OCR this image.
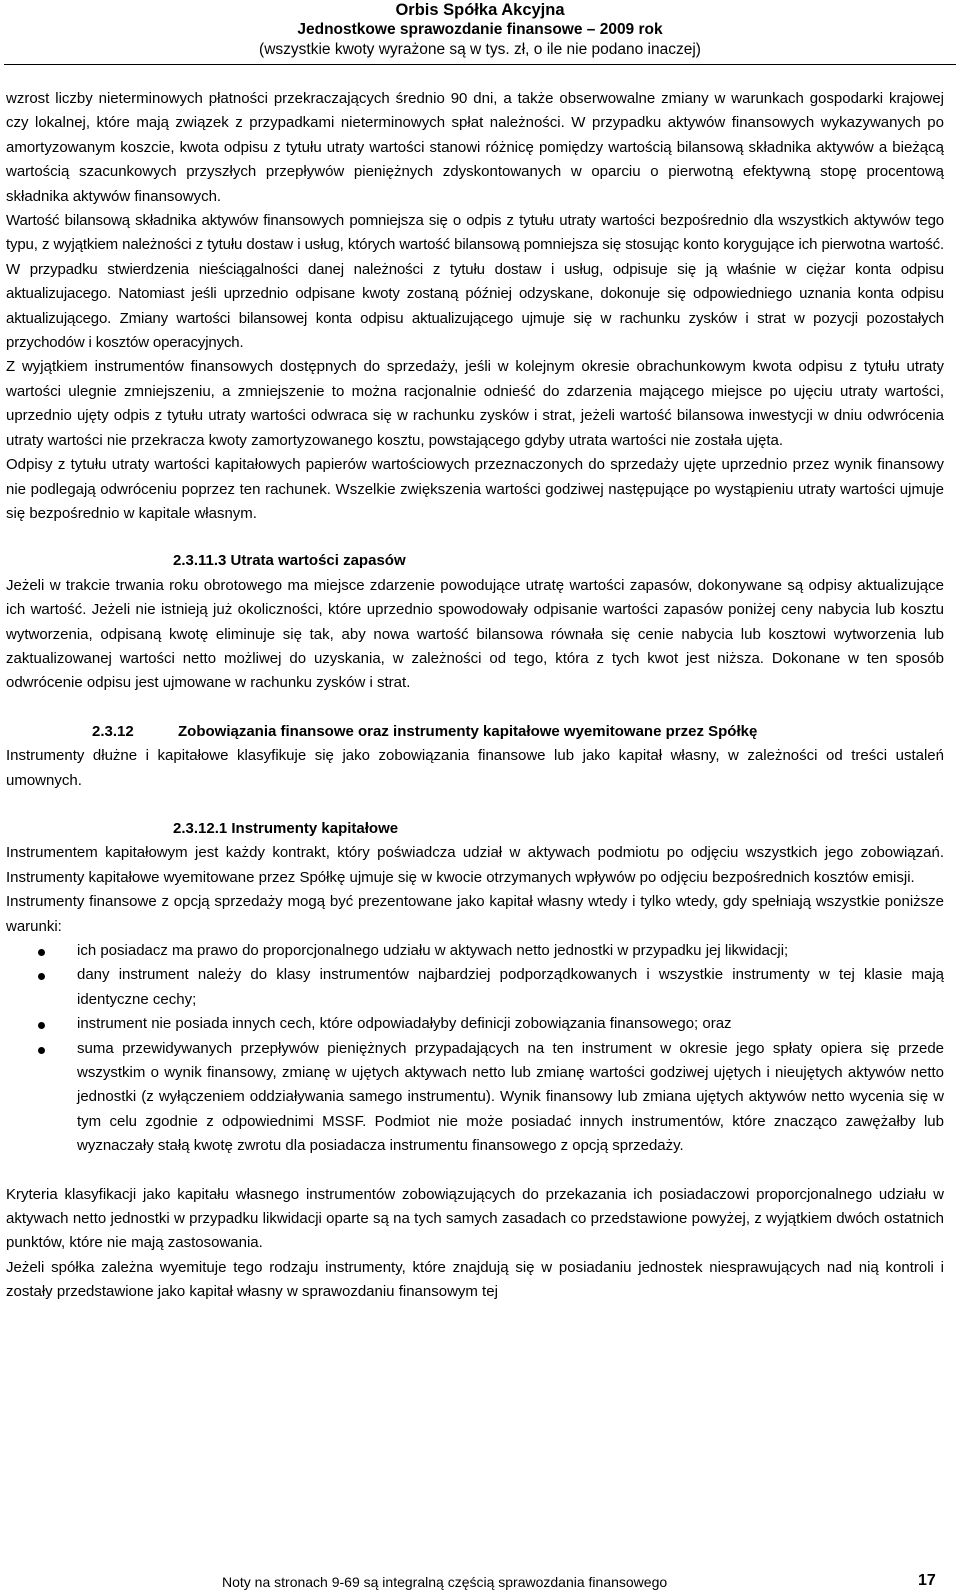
Orbis Spółka Akcyjna
Jednostkowe sprawozdanie finansowe – 2009 rok
(wszystkie kwoty wyrażone są w tys. zł, o ile nie podano inaczej)

wzrost liczby nieterminowych płatności przekraczających średnio 90 dni, a także obserwowalne zmiany w warunkach gospodarki krajowej czy lokalnej, które mają związek z przypadkami nieterminowych spłat należności. W przypadku aktywów finansowych wykazywanych po amortyzowanym koszcie, kwota odpisu z tytułu utraty wartości stanowi różnicę pomiędzy wartością bilansową składnika aktywów a bieżącą wartością szacunkowych przyszłych przepływów pieniężnych zdyskontowanych w oparciu o pierwotną efektywną stopę procentową składnika aktywów finansowych.

Wartość bilansową składnika aktywów finansowych pomniejsza się o odpis z tytułu utraty wartości bezpośrednio dla wszystkich aktywów tego typu, z wyjątkiem należności z tytułu dostaw i usług, których wartość bilansową pomniejsza się stosując konto korygujące ich pierwotna wartość. W przypadku stwierdzenia nieściągalności danej należności z tytułu dostaw i usług, odpisuje się ją właśnie w ciężar konta odpisu aktualizujacego. Natomiast jeśli uprzednio odpisane kwoty zostaną później odzyskane, dokonuje się odpowiedniego uznania konta odpisu aktualizującego. Zmiany wartości bilansowej konta odpisu aktualizującego ujmuje się w rachunku zysków i strat w pozycji pozostałych przychodów i kosztów operacyjnych.

Z wyjątkiem instrumentów finansowych dostępnych do sprzedaży, jeśli w kolejnym okresie obrachunkowym kwota odpisu z tytułu utraty wartości ulegnie zmniejszeniu, a zmniejszenie to można racjonalnie odnieść do zdarzenia mającego miejsce po ujęciu utraty wartości, uprzednio ujęty odpis z tytułu utraty wartości odwraca się w rachunku zysków i strat, jeżeli wartość bilansowa inwestycji w dniu odwrócenia utraty wartości nie przekracza kwoty zamortyzowanego kosztu, powstającego gdyby utrata wartości nie została ujęta.

Odpisy z tytułu utraty wartości kapitałowych papierów wartościowych przeznaczonych do sprzedaży ujęte uprzednio przez wynik finansowy nie podlegają odwróceniu poprzez ten rachunek. Wszelkie zwiększenia wartości godziwej następujące po wystąpieniu utraty wartości ujmuje się bezpośrednio w kapitale własnym.

2.3.11.3 Utrata wartości zapasów

Jeżeli w trakcie trwania roku obrotowego ma miejsce zdarzenie powodujące utratę wartości zapasów, dokonywane są odpisy aktualizujące ich wartość. Jeżeli nie istnieją już okoliczności, które uprzednio spowodowały odpisanie wartości zapasów poniżej ceny nabycia lub kosztu wytworzenia, odpisaną kwotę eliminuje się tak, aby nowa wartość bilansowa równała się cenie nabycia lub kosztowi wytworzenia lub zaktualizowanej wartości netto możliwej do uzyskania, w zależności od tego, która z tych kwot jest niższa. Dokonane w ten sposób odwrócenie odpisu jest ujmowane w rachunku zysków i strat.

2.3.12	Zobowiązania finansowe oraz instrumenty kapitałowe wyemitowane przez Spółkę

Instrumenty dłużne i kapitałowe klasyfikuje się jako zobowiązania finansowe lub jako kapitał własny, w zależności od treści ustaleń umownych.

2.3.12.1 Instrumenty kapitałowe

Instrumentem kapitałowym jest każdy kontrakt, który poświadcza udział w aktywach podmiotu po odjęciu wszystkich jego zobowiązań. Instrumenty kapitałowe wyemitowane przez Spółkę ujmuje się w kwocie otrzymanych wpływów po odjęciu bezpośrednich kosztów emisji.

Instrumenty finansowe z opcją sprzedaży mogą być prezentowane jako kapitał własny wtedy i tylko wtedy, gdy spełniają wszystkie poniższe warunki:

ich posiadacz ma prawo do proporcjonalnego udziału w aktywach netto jednostki w przypadku jej likwidacji;
dany instrument należy do klasy instrumentów najbardziej podporządkowanych i wszystkie instrumenty w tej klasie mają identyczne cechy;
instrument nie posiada innych cech, które odpowiadałyby definicji zobowiązania finansowego; oraz
suma przewidywanych przepływów pieniężnych przypadających na ten instrument w okresie jego spłaty opiera się przede wszystkim o wynik finansowy, zmianę w ujętych aktywach netto lub zmianę wartości godziwej ujętych i nieujętych aktywów netto jednostki (z wyłączeniem oddziaływania samego instrumentu). Wynik finansowy lub zmiana ujętych aktywów netto wycenia się w tym celu zgodnie z odpowiednimi MSSF. Podmiot nie może posiadać innych instrumentów, które znacząco zawężałby lub wyznaczały stałą kwotę zwrotu dla posiadacza instrumentu finansowego z opcją sprzedaży.

Kryteria klasyfikacji jako kapitału własnego instrumentów zobowiązujących do przekazania ich posiadaczowi proporcjonalnego udziału w aktywach netto jednostki w przypadku likwidacji oparte są na tych samych zasadach co przedstawione powyżej, z wyjątkiem dwóch ostatnich punktów, które nie mają zastosowania.

Jeżeli spółka zależna wyemituje tego rodzaju instrumenty, które znajdują się w posiadaniu jednostek niesprawujących nad nią kontroli i zostały przedstawione jako kapitał własny w sprawozdaniu finansowym tej

Noty na stronach 9-69 są integralną częścią sprawozdania finansowego	17
